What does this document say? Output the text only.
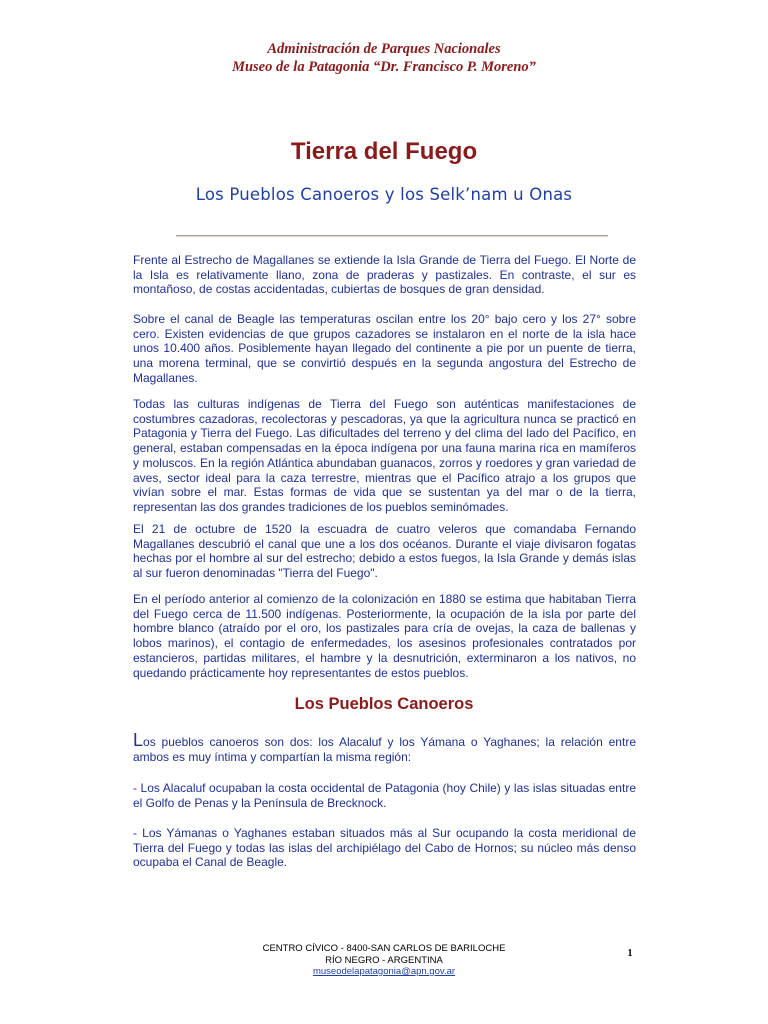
Administración de Parques Nacionales
Museo de la Patagonia “Dr. Francisco P. Moreno”
Tierra del Fuego
Los Pueblos Canoeros y los Selk’nam u Onas
Frente al Estrecho de Magallanes se extiende la Isla Grande de Tierra del Fuego. El Norte de la Isla es relativamente llano, zona de praderas y pastizales. En contraste, el sur es montañoso, de costas accidentadas, cubiertas de bosques de gran densidad.
Sobre el canal de Beagle las temperaturas oscilan entre los 20° bajo cero y los 27° sobre cero. Existen evidencias de que grupos cazadores se instalaron en el norte de la isla hace unos 10.400 años. Posiblemente hayan llegado del continente a pie por un puente de tierra, una morena terminal, que se convirtió después en la segunda angostura del Estrecho de Magallanes.
Todas las culturas indígenas de Tierra del Fuego son auténticas manifestaciones de costumbres cazadoras, recolectoras y pescadoras, ya que la agricultura nunca se practicó en Patagonia y Tierra del Fuego. Las dificultades del terreno y del clima del lado del Pacífico, en general, estaban compensadas en la época indígena por una fauna marina rica en mamíferos y moluscos. En la región Atlántica abundaban guanacos, zorros y roedores y gran variedad de aves, sector ideal para la caza terrestre, mientras que el Pacífico atrajo a los grupos que vivían sobre el mar. Estas formas de vida que se sustentan ya del mar o de la tierra, representan las dos grandes tradiciones de los pueblos seminómades.
El 21 de octubre de 1520 la escuadra de cuatro veleros que comandaba Fernando Magallanes descubrió el canal que une a los dos océanos. Durante el viaje divisaron fogatas hechas por el hombre al sur del estrecho; debido a estos fuegos, la Isla Grande y demás islas al sur fueron denominadas "Tierra del Fuego".
En el período anterior al comienzo de la colonización en 1880 se estima que habitaban Tierra del Fuego cerca de 11.500 indígenas. Posteriormente, la ocupación de la isla por parte del hombre blanco (atraído por el oro, los pastizales para cría de ovejas, la caza de ballenas y lobos marinos), el contagio de enfermedades, los asesinos profesionales contratados por estancieros, partidas militares, el hambre y la desnutrición, exterminaron a los nativos, no quedando prácticamente hoy representantes de estos pueblos.
Los Pueblos Canoeros
Los pueblos canoeros son dos: los Alacaluf y los Yámana o Yaghanes; la relación entre ambos es muy íntima y compartían la misma región:
- Los Alacaluf ocupaban la costa occidental de Patagonia (hoy Chile) y las islas situadas entre el Golfo de Penas y la Península de Brecknock.
- Los Yámanas o Yaghanes estaban situados más al Sur ocupando la costa meridional de Tierra del Fuego y todas las islas del archipiélago del Cabo de Hornos; su núcleo más denso ocupaba el Canal de Beagle.
CENTRO CÍVICO - 8400-SAN CARLOS DE BARILOCHE
RÍO NEGRO - ARGENTINA
museodelapatagonia@apn.gov.ar
1
